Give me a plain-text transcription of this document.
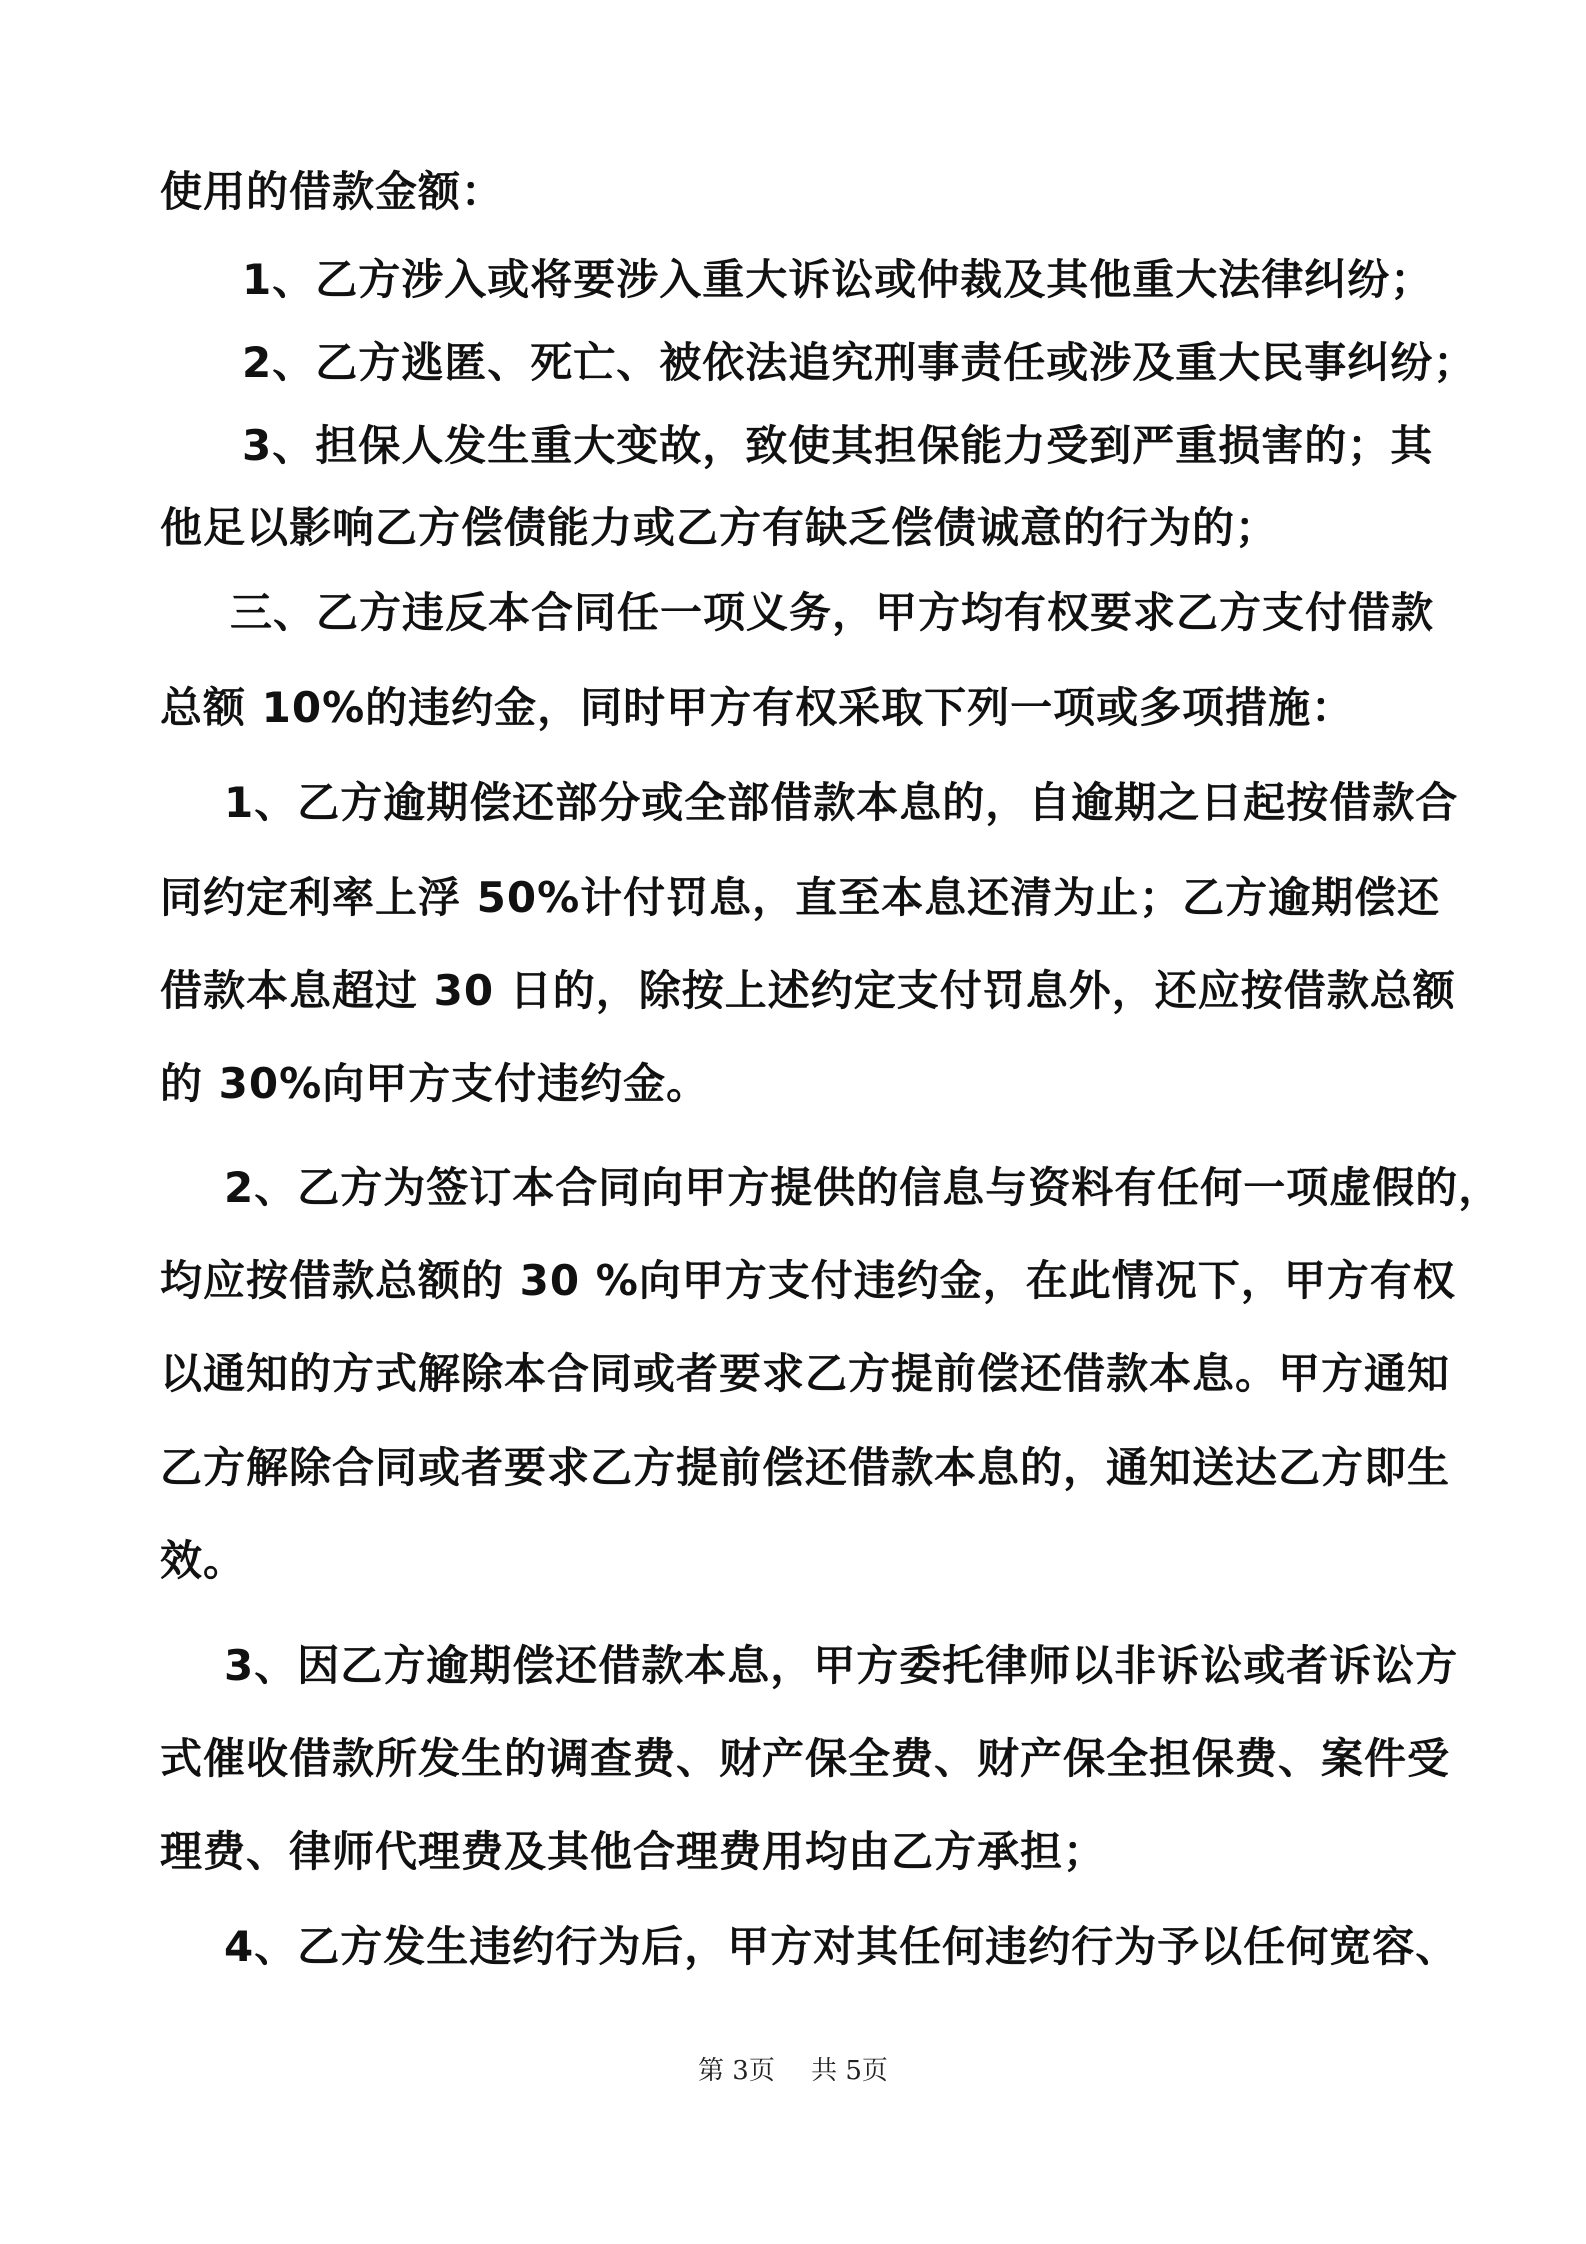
使用的借款金额：
1、乙方涉入或将要涉入重大诉讼或仲裁及其他重大法律纠纷；
2、乙方逃匿、死亡、被依法追究刑事责任或涉及重大民事纠纷；
3、担保人发生重大变故，致使其担保能力受到严重损害的；其
他足以影响乙方偿债能力或乙方有缺乏偿债诚意的行为的；
三、乙方违反本合同任一项义务，甲方均有权要求乙方支付借款
总额 10%的违约金，同时甲方有权采取下列一项或多项措施：
1、乙方逾期偿还部分或全部借款本息的，自逾期之日起按借款合
同约定利率上浮 50%计付罚息，直至本息还清为止；乙方逾期偿还
借款本息超过 30 日的，除按上述约定支付罚息外，还应按借款总额
的 30%向甲方支付违约金。
2、乙方为签订本合同向甲方提供的信息与资料有任何一项虚假的，
均应按借款总额的 30 %向甲方支付违约金，在此情况下，甲方有权
以通知的方式解除本合同或者要求乙方提前偿还借款本息。甲方通知
乙方解除合同或者要求乙方提前偿还借款本息的，通知送达乙方即生
效。
3、因乙方逾期偿还借款本息，甲方委托律师以非诉讼或者诉讼方
式催收借款所发生的调查费、财产保全费、财产保全担保费、案件受
理费、律师代理费及其他合理费用均由乙方承担；
4、乙方发生违约行为后，甲方对其任何违约行为予以任何宽容、
第 3页 共 5页
